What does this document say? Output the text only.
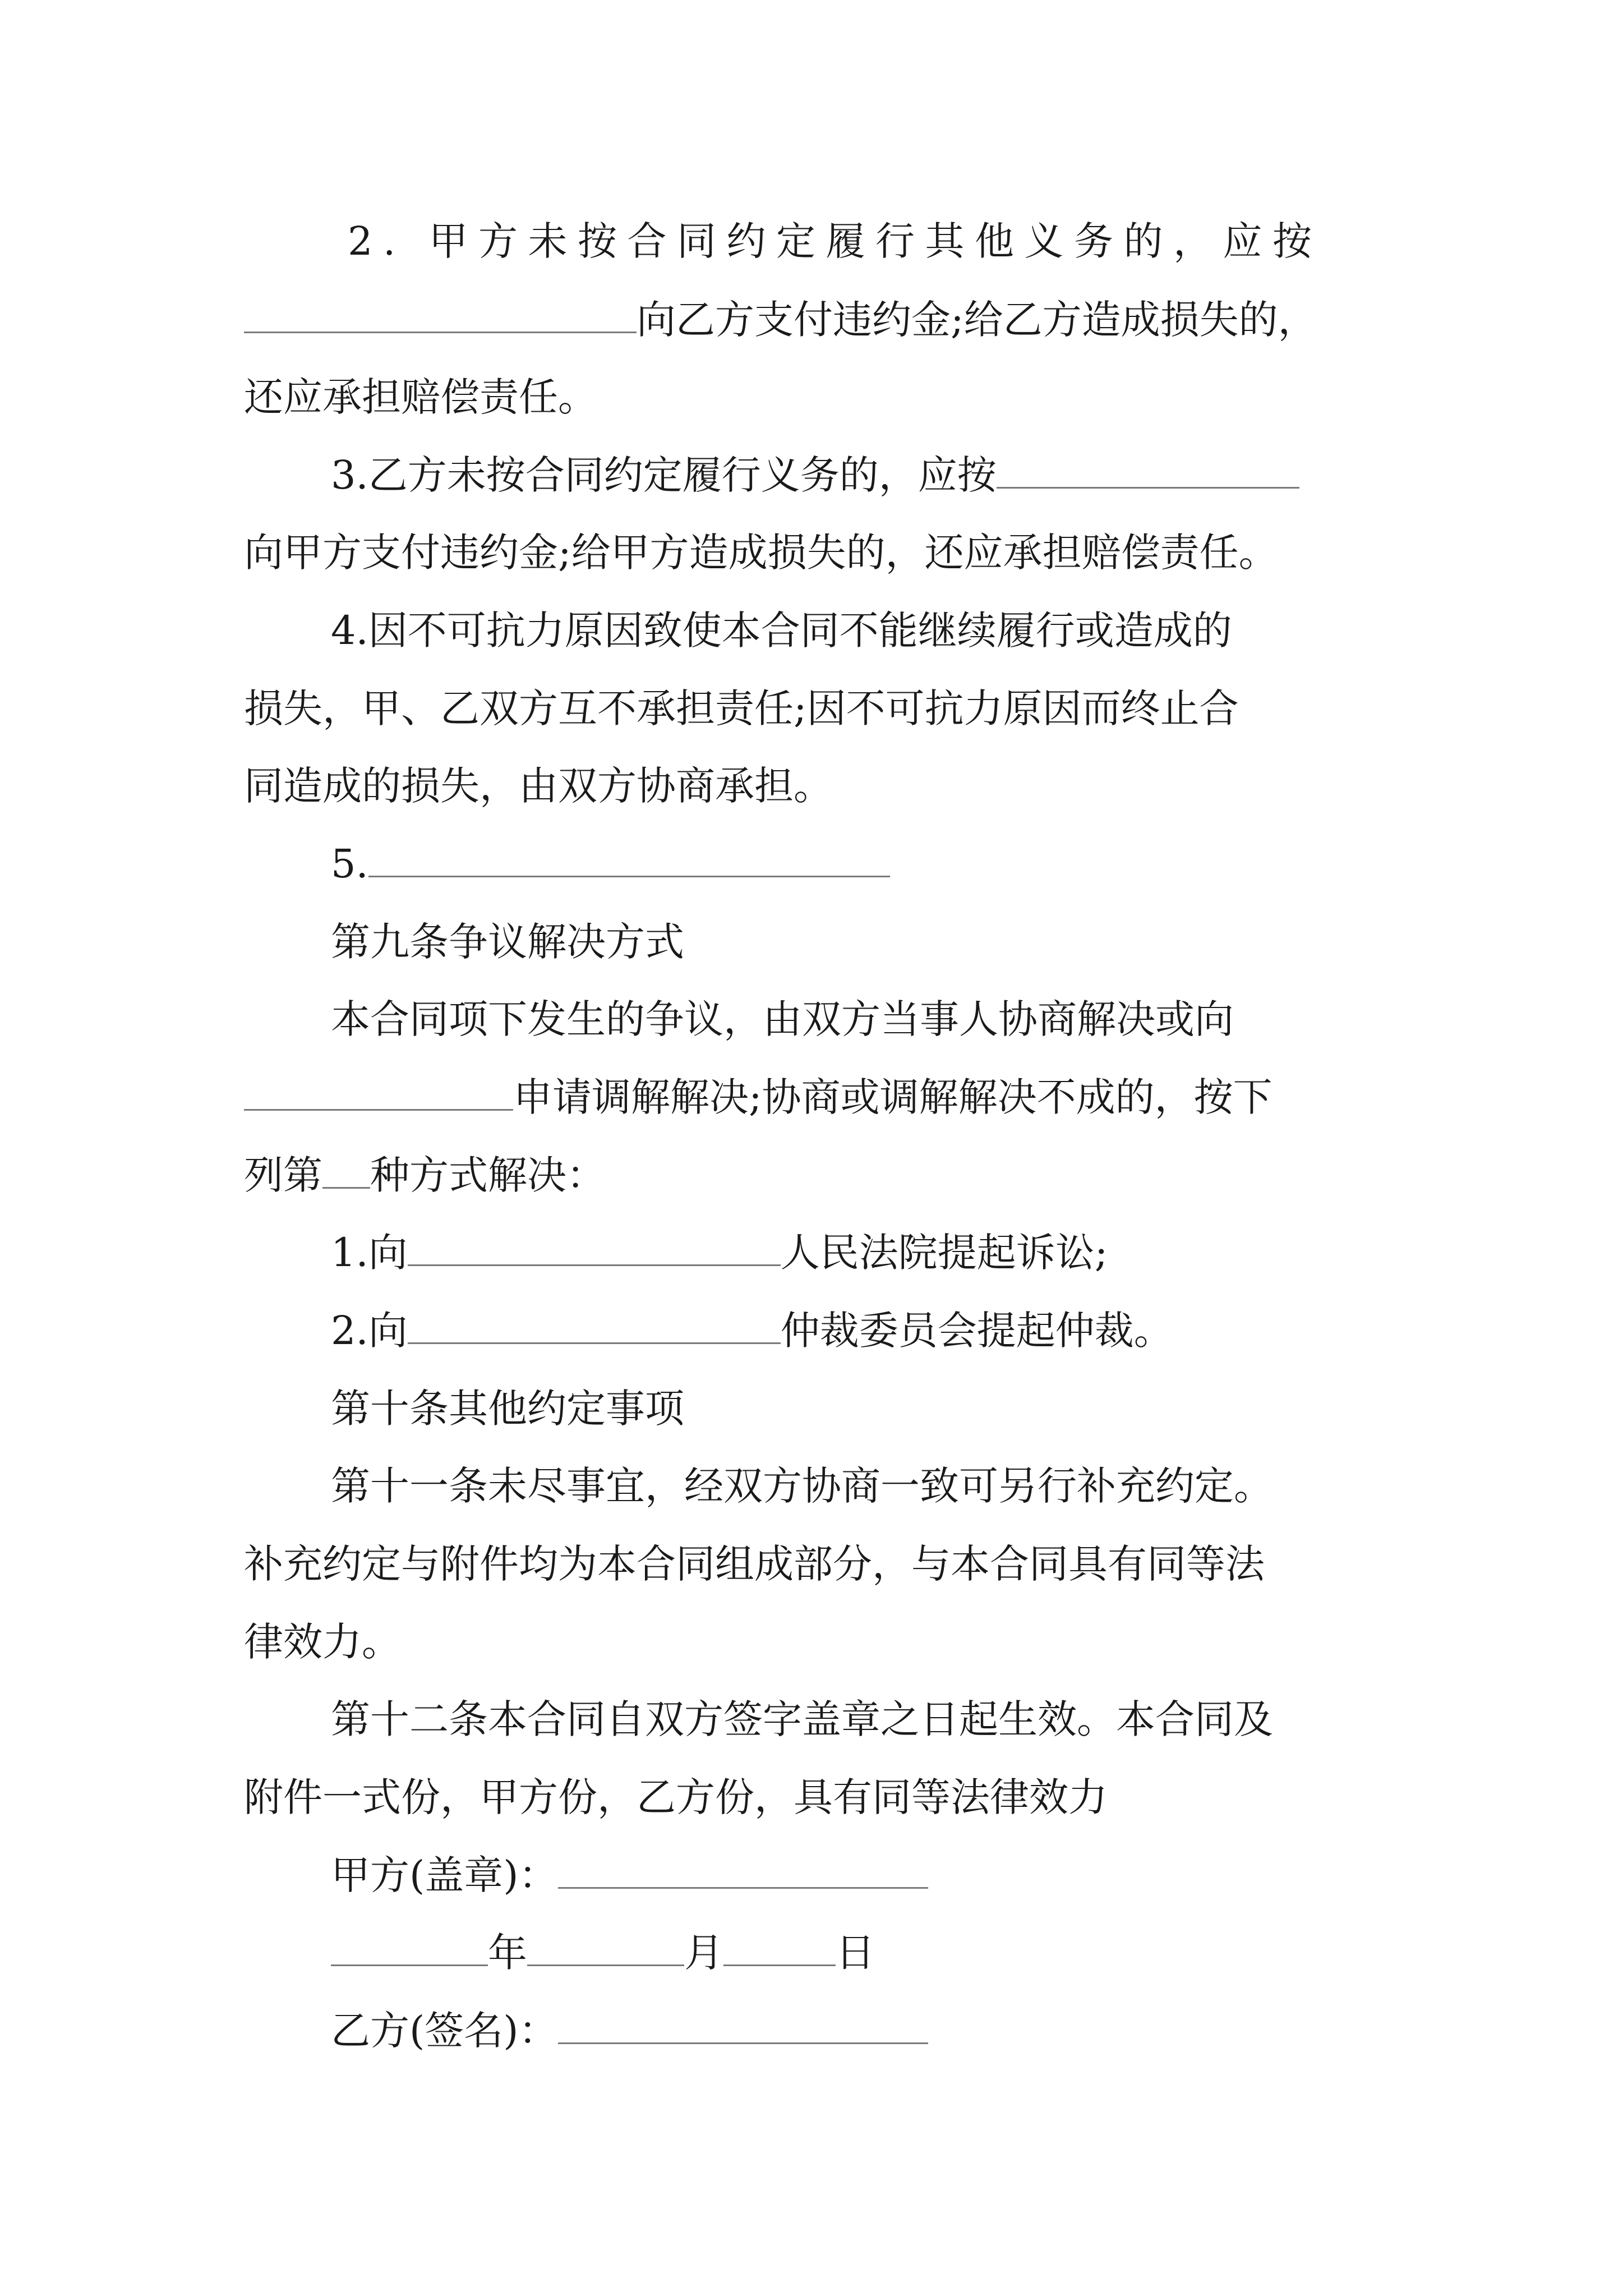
2. 甲方未按合同约定履行其他义务的，应按
向乙方支付违约金;给乙方造成损失的，
还应承担赔偿责任。
3.乙方未按合同约定履行义务的，应按
向甲方支付违约金;给甲方造成损失的，还应承担赔偿责任。
4.因不可抗力原因致使本合同不能继续履行或造成的
损失，甲、乙双方互不承担责任;因不可抗力原因而终止合
同造成的损失，由双方协商承担。
5.
第九条争议解决方式
本合同项下发生的争议，由双方当事人协商解决或向
申请调解解决;协商或调解解决不成的，按下
列第 种方式解决：
1.向	人民法院提起诉讼;
2.向	仲裁委员会提起仲裁。
第十条其他约定事项
第十一条未尽事宜，经双方协商一致可另行补充约定。
补充约定与附件均为本合同组成部分，与本合同具有同等法
律效力。
第十二条本合同自双方签字盖章之日起生效。本合同及
附件一式份，甲方份，乙方份，具有同等法律效力
甲方(盖章)：
年	月	日
乙方(签名)：
